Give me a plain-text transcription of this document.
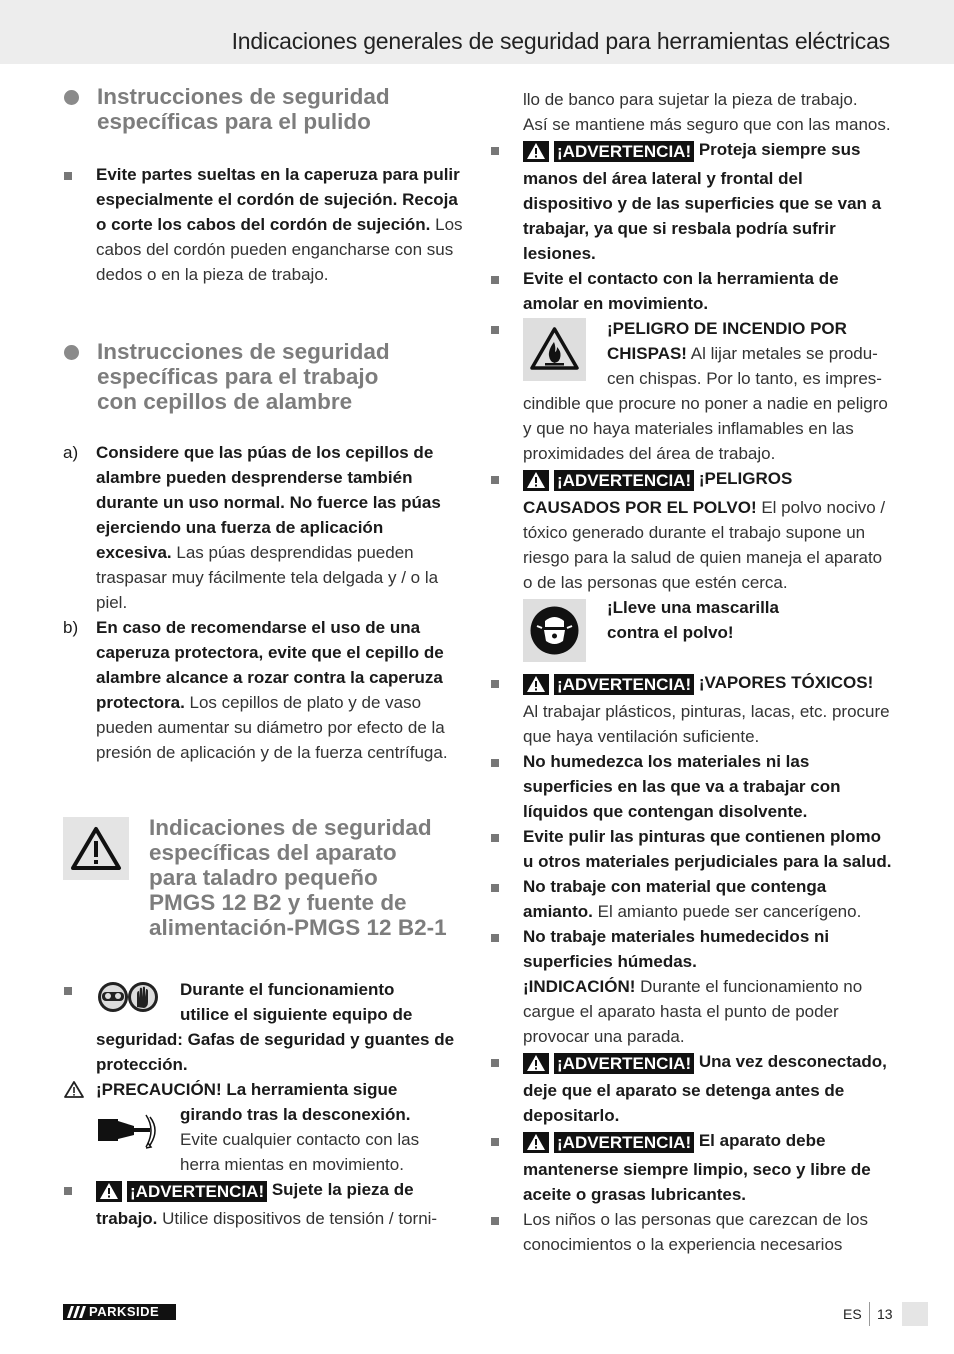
Indicaciones generales de seguridad para herramientas eléctricas
Instrucciones de seguridad
específicas para el pulido
Evite partes sueltas en la caperuza para pulir especialmente el cordón de sujeción. Recoja o corte los cabos del cordón de sujeción. Los cabos del cordón pueden engancharse con sus dedos o en la pieza de trabajo.
Instrucciones de seguridad
específicas para el trabajo
con cepillos de alambre
a) Considere que las púas de los cepillos de alambre pueden desprenderse también durante un uso normal. No fuerce las púas ejerciendo una fuerza de aplicación excesiva. Las púas desprendidas pueden traspasar muy fácilmente tela delgada y / o la piel.
b) En caso de recomendarse el uso de una caperuza protectora, evite que el cepillo de alambre alcance a rozar contra la caperuza protectora. Los cepillos de plato y de vaso pueden aumentar su diámetro por efecto de la presión de aplicación y de la fuerza centrífuga.
Indicaciones de seguridad
específicas del aparato
para taladro pequeño
PMGS 12 B2 y fuente de
alimentación-PMGS 12 B2-1
Durante el funcionamiento
utilice el siguiente equipo de
seguridad: Gafas de seguridad y guantes de protección.
¡PRECAUCIÓN! La herramienta sigue
girando tras la desconexión.
Evite cualquier contacto con las
herra mientas en movimiento.
¡ADVERTENCIA! Sujete la pieza de trabajo. Utilice dispositivos de tensión / torni-
llo de banco para sujetar la pieza de trabajo.
Así se mantiene más seguro que con las manos.
¡ADVERTENCIA! Proteja siempre sus manos del área lateral y frontal del dispositivo y de las superficies que se van a trabajar, ya que si resbala podría sufrir lesiones.
Evite el contacto con la herramienta de amolar en movimiento.
¡PELIGRO DE INCENDIO POR
CHISPAS! Al lijar metales se produ-
cen chispas. Por lo tanto, es impres-
cindible que procure no poner a nadie en peligro y que no haya materiales inflamables en las proximidades del área de trabajo.
¡ADVERTENCIA! ¡PELIGROS CAUSADOS POR EL POLVO! El polvo nocivo / tóxico generado durante el trabajo supone un riesgo para la salud de quien maneja el aparato o de las personas que estén cerca.
¡Lleve una mascarilla
contra el polvo!
¡ADVERTENCIA! ¡VAPORES TÓXICOS! Al trabajar plásticos, pinturas, lacas, etc. procure que haya ventilación suficiente.
No humedezca los materiales ni las superficies en las que va a trabajar con líquidos que contengan disolvente.
Evite pulir las pinturas que contienen plomo u otros materiales perjudiciales para la salud.
No trabaje con material que contenga amianto. El amianto puede ser cancerígeno.
No trabaje materiales humedecidos ni superficies húmedas.
¡INDICACIÓN! Durante el funcionamiento no cargue el aparato hasta el punto de poder provocar una parada.
¡ADVERTENCIA! Una vez desconectado, deje que el aparato se detenga antes de depositarlo.
¡ADVERTENCIA! El aparato debe mantenerse siempre limpio, seco y libre de aceite o grasas lubricantes.
Los niños o las personas que carezcan de los conocimientos o la experiencia necesarios
PARKSIDE	ES 13
